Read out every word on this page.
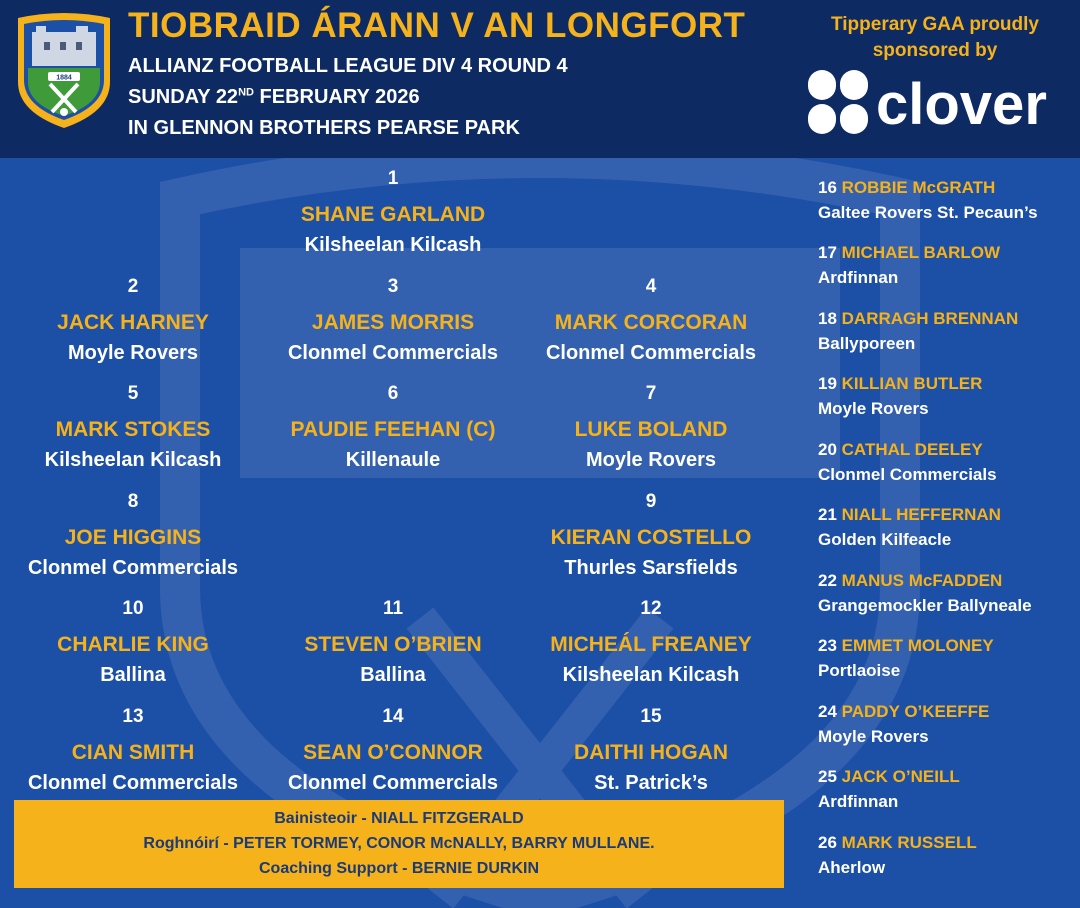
1884
TIOBRAID ÁRANN V AN LONGFORT
ALLIANZ FOOTBALL LEAGUE DIV 4 ROUND 4
SUNDAY 22ND FEBRUARY 2026
IN GLENNON BROTHERS PEARSE PARK
Tipperary GAA proudly
sponsored by
clover
1
SHANE GARLAND
Kilsheelan Kilcash
2
JACK HARNEY
Moyle Rovers
3
JAMES MORRIS
Clonmel Commercials
4
MARK CORCORAN
Clonmel Commercials
5
MARK STOKES
Kilsheelan Kilcash
6
PAUDIE FEEHAN (C)
Killenaule
7
LUKE BOLAND
Moyle Rovers
8
JOE HIGGINS
Clonmel Commercials
9
KIERAN COSTELLO
Thurles Sarsfields
10
CHARLIE KING
Ballina
11
STEVEN O’BRIEN
Ballina
12
MICHEÁL FREANEY
Kilsheelan Kilcash
13
CIAN SMITH
Clonmel Commercials
14
SEAN O’CONNOR
Clonmel Commercials
15
DAITHI HOGAN
St. Patrick’s
16 ROBBIE McGRATH
Galtee Rovers St. Pecaun’s
17 MICHAEL BARLOW
Ardfinnan
18 DARRAGH BRENNAN
Ballyporeen
19 KILLIAN BUTLER
Moyle Rovers
20 CATHAL DEELEY
Clonmel Commercials
21 NIALL HEFFERNAN
Golden Kilfeacle
22 MANUS McFADDEN
Grangemockler Ballyneale
23 EMMET MOLONEY
Portlaoise
24 PADDY O’KEEFFE
Moyle Rovers
25 JACK O’NEILL
Ardfinnan
26 MARK RUSSELL
Aherlow
Bainisteoir - NIALL FITZGERALD
Roghnóirí - PETER TORMEY, CONOR McNALLY, BARRY MULLANE.
Coaching Support - BERNIE DURKIN
